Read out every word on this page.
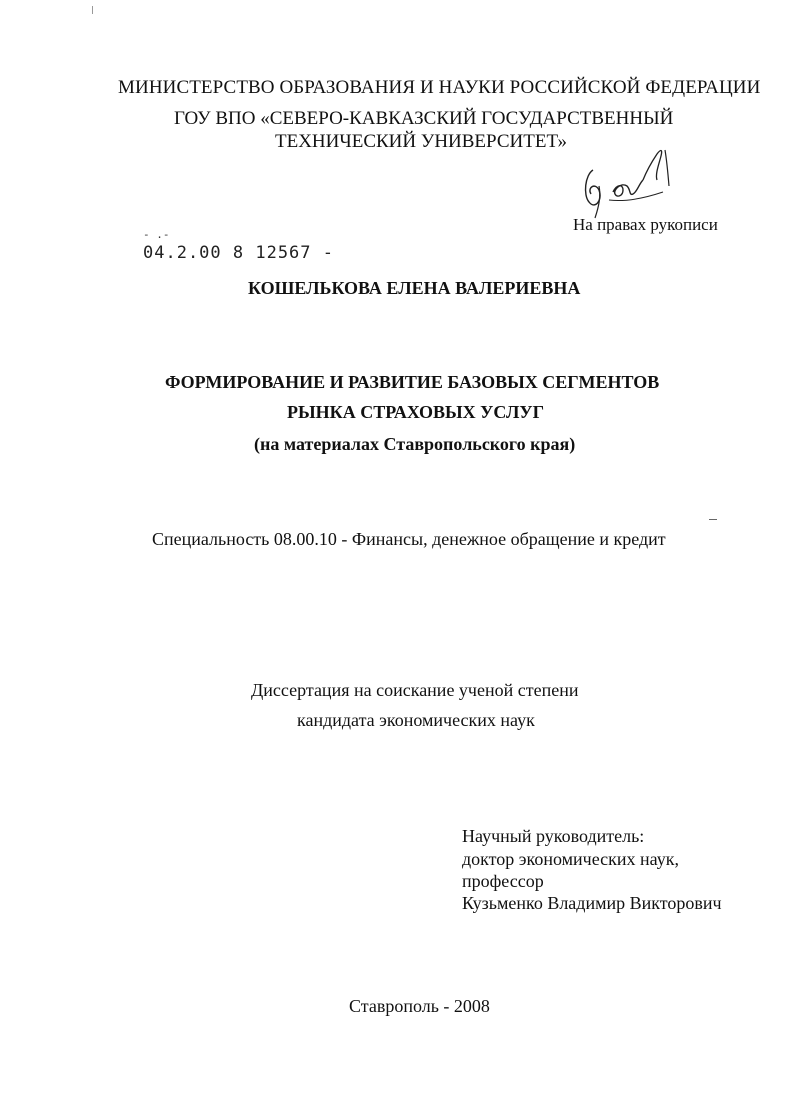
МИНИСТЕРСТВО ОБРАЗОВАНИЯ И НАУКИ РОССИЙСКОЙ ФЕДЕРАЦИИ
ГОУ ВПО «СЕВЕРО-КАВКАЗСКИЙ ГОСУДАРСТВЕННЫЙ
ТЕХНИЧЕСКИЙ УНИВЕРСИТЕТ»
На правах рукописи
- .-
04.2.00 8 12567 -
КОШЕЛЬКОВА ЕЛЕНА ВАЛЕРИЕВНА
ФОРМИРОВАНИЕ И РАЗВИТИЕ БАЗОВЫХ СЕГМЕНТОВ
РЫНКА СТРАХОВЫХ УСЛУГ
(на материалах Ставропольского края)
Специальность 08.00.10 - Финансы, денежное обращение и кредит
Диссертация на соискание ученой степени
кандидата экономических наук
Научный руководитель:
доктор экономических наук,
профессор
Кузьменко Владимир Викторович
Ставрополь - 2008
